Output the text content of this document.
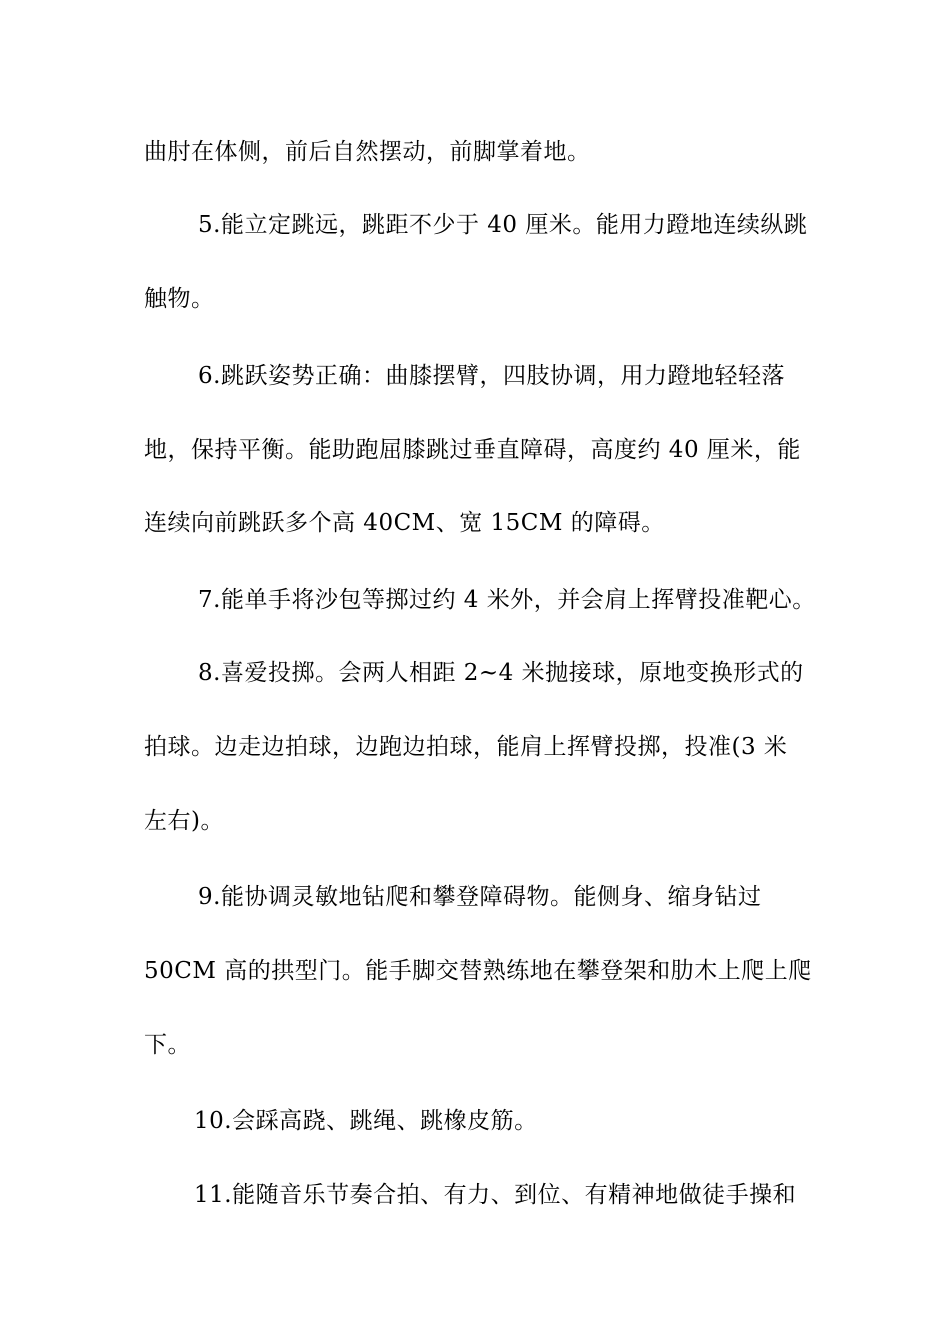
曲肘在体侧，前后自然摆动，前脚掌着地。
5.能立定跳远，跳距不少于 40 厘米。能用力蹬地连续纵跳
触物。
6.跳跃姿势正确：曲膝摆臂，四肢协调，用力蹬地轻轻落
地，保持平衡。能助跑屈膝跳过垂直障碍，高度约 40 厘米，能
连续向前跳跃多个高 40CM、宽 15CM 的障碍。
7.能单手将沙包等掷过约 4 米外，并会肩上挥臂投准靶心。
8.喜爱投掷。会两人相距 2~4 米抛接球，原地变换形式的
拍球。边走边拍球，边跑边拍球，能肩上挥臂投掷，投准(3 米
左右)。
9.能协调灵敏地钻爬和攀登障碍物。能侧身、缩身钻过
50CM 高的拱型门。能手脚交替熟练地在攀登架和肋木上爬上爬
下。
10.会踩高跷、跳绳、跳橡皮筋。
11.能随音乐节奏合拍、有力、到位、有精神地做徒手操和
